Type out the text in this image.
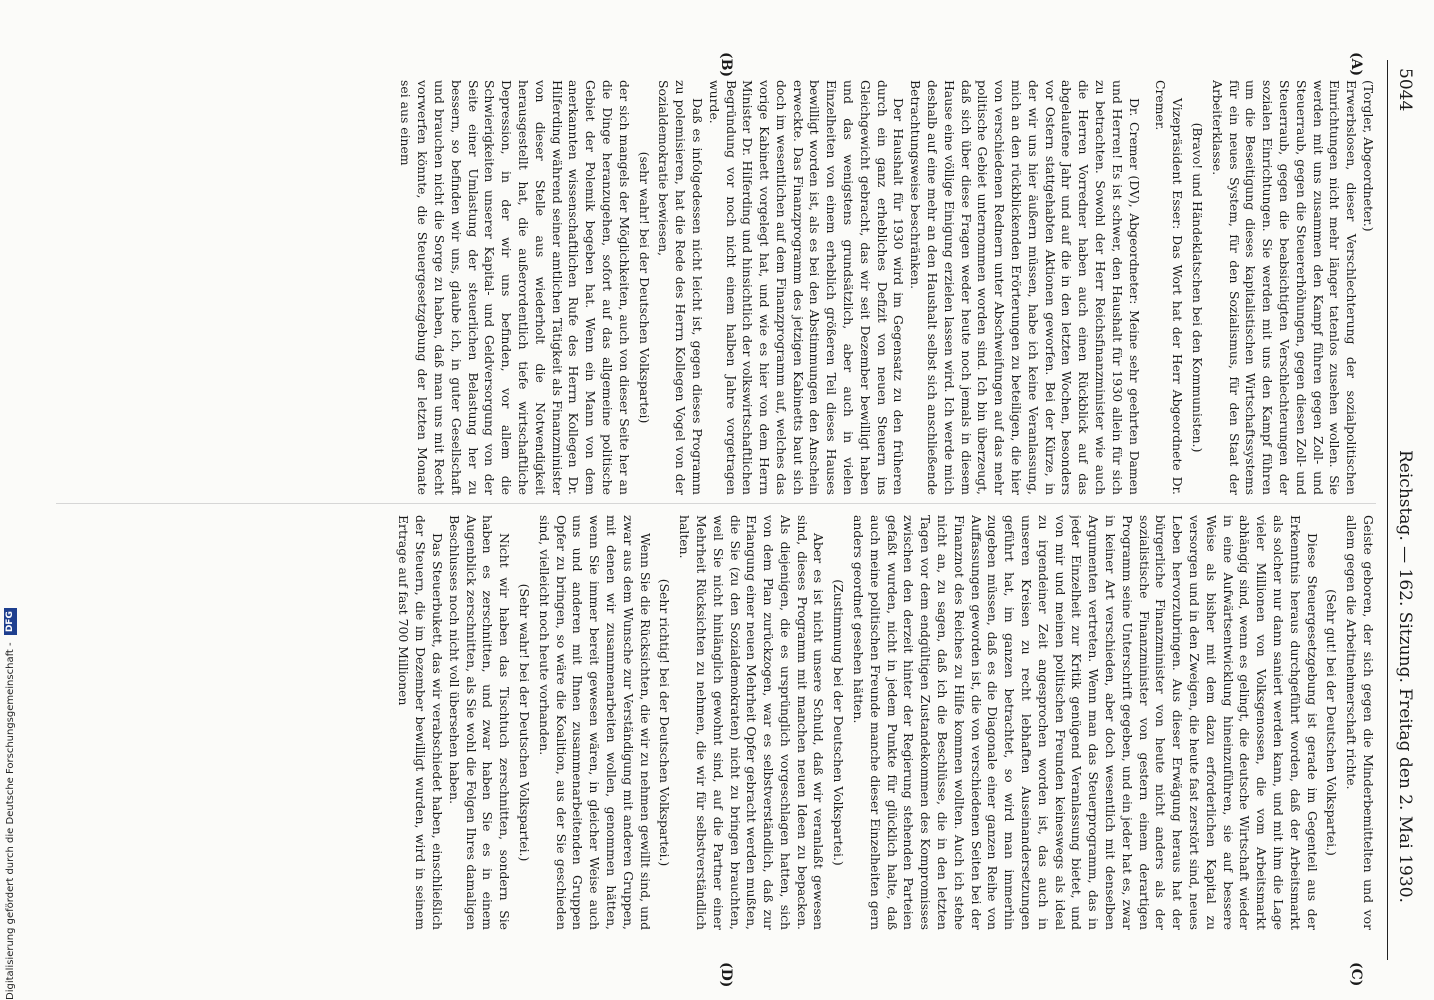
5044
Reichstag. — 162. Sitzung. Freitag den 2. Mai 1930.
(A)
(B)
(C)
(D)

(Torgler, Abgeordneter.)

Erwerbslosen, dieser Verschlechterung der sozialpolitischen Einrichtungen nicht mehr länger tatenlos zusehen wollen. Sie werden mit uns zusammen den Kampf führen gegen Zoll- und Steuerraub, gegen die Steuererhöhungen, gegen diesen Zoll- und Steuerraub, gegen die beabsichtigten Verschlechterungen der sozialen Einrichtungen. Sie werden mit uns den Kampf führen um die Beseitigung dieses kapitalistischen Wirtschaftssystems für ein neues System, für den Sozialismus, für den Staat der Arbeiterklasse.

(Bravo! und Händeklatschen bei den Kommunisten.)

Vizepräsident Esser: Das Wort hat der Herr Abgeordnete Dr. Cremer.

Dr. Cremer (DV), Abgeordneter: Meine sehr geehrten Damen und Herren! Es ist schwer, den Haushalt für 1930 allein für sich zu betrachten. Sowohl der Herr Reichsfinanzminister wie auch die Herren Vorredner haben auch einen Rückblick auf das abgelaufene Jahr und auf die in den letzten Wochen, besonders vor Ostern stattgehabten Aktionen geworfen. Bei der Kürze, in der wir uns hier äußern müssen, habe ich keine Veranlassung, mich an den rückblickenden Erörterungen zu beteiligen, die hier von verschiedenen Rednern unter Abschweifungen auf das mehr politische Gebiet unternommen worden sind. Ich bin überzeugt, daß sich über diese Fragen weder heute noch jemals in diesem Hause eine völlige Einigung erzielen lassen wird. Ich werde mich deshalb auf eine mehr an den Haushalt selbst sich anschließende Betrachtungsweise beschränken.

Der Haushalt für 1930 wird im Gegensatz zu den früheren durch ein ganz erhebliches Defizit von neuen Steuern ins Gleichgewicht gebracht, das wir seit Dezember bewilligt haben und das wenigstens grundsätzlich, aber auch in vielen Einzelheiten von einem erheblich größeren Teil dieses Hauses bewilligt worden ist, als es bei den Abstimmungen den Anschein erweckte. Das Finanzprogramm des jetzigen Kabinetts baut sich doch im wesentlichen auf dem Finanzprogramm auf, welches das vorige Kabinett vorgelegt hat, und wie es hier von dem Herrn Minister Dr. Hilferding und hinsichtlich der volkswirtschaftlichen Begründung vor noch nicht einem halben Jahre vorgetragen wurde.

Daß es infolgedessen nicht leicht ist, gegen dieses Programm zu polemisieren, hat die Rede des Herrn Kollegen Vogel von der Sozialdemokratie bewiesen,

(sehr wahr! bei der Deutschen Volkspartei)

der sich mangels der Möglichkeiten, auch von dieser Seite her an die Dinge heranzugehen, sofort auf das allgemeine politische Gebiet der Polemik begeben hat. Wenn ein Mann von dem anerkannten wissenschaftlichen Rufe des Herrn Kollegen Dr. Hilferding während seiner amtlichen Tätigkeit als Finanzminister von dieser Stelle aus wiederholt die Notwendigkeit herausgestellt hat, die außerordentlich tiefe wirtschaftliche Depression, in der wir uns befinden, vor allem die Schwierigkeiten unserer Kapital- und Geldversorgung von der Seite einer Umlastung der steuerlichen Belastung her zu bessern, so befinden wir uns, glaube ich, in guter Gesellschaft und brauchen nicht die Sorge zu haben, daß man uns mit Recht vorwerfen könnte, die Steuergesetzgebung der letzten Monate sei aus einem

Geiste geboren, der sich gegen die Minderbemittelten und vor allem gegen die Arbeitnehmerschaft richte.

(Sehr gut! bei der Deutschen Volkspartei.)

Diese Steuergesetzgebung ist gerade im Gegenteil aus der Erkenntnis heraus durchgeführt worden, daß der Arbeitsmarkt als solcher nur dann saniert werden kann, und mit ihm die Lage vieler Millionen von Volksgenossen, die vom Arbeitsmarkt abhängig sind, wenn es gelingt, die deutsche Wirtschaft wieder in eine Aufwärtsentwicklung hineinzuführen, sie auf bessere Weise als bisher mit dem dazu erforderlichen Kapital zu versorgen und in den Zweigen, die heute fast zerstört sind, neues Leben hervorzubringen. Aus dieser Erwägung heraus hat der bürgerliche Finanzminister von heute nicht anders als der sozialistische Finanzminister von gestern einem derartigen Programm seine Unterschrift gegeben, und ein jeder hat es, zwar in keiner Art verschieden, aber doch wesentlich mit denselben Argumenten vertreten. Wenn man das Steuerprogramm, das in jeder Einzelheit zur Kritik genügend Veranlassung bietet, und von mir und meinen politischen Freunden keineswegs als ideal zu irgendeiner Zeit angesprochen worden ist, das auch in unseren Kreisen zu recht lebhaften Auseinandersetzungen geführt hat, im ganzen betrachtet, so wird man immerhin zugeben müssen, daß es die Diagonale einer ganzen Reihe von Auffassungen geworden ist, die von verschiedenen Seiten bei der Finanznot des Reiches zu Hilfe kommen wollten. Auch ich stehe nicht an, zu sagen, daß ich die Beschlüsse, die in den letzten Tagen vor dem endgültigen Zustandekommen des Kompromisses zwischen den derzeit hinter der Regierung stehenden Parteien gefaßt wurden, nicht in jedem Punkte für glücklich halte, daß auch meine politischen Freunde manche dieser Einzelheiten gern anders geordnet gesehen hätten.

(Zustimmung bei der Deutschen Volkspartei.)

Aber es ist nicht unsere Schuld, daß wir veranlaßt gewesen sind, dieses Programm mit manchen neuen Ideen zu bepacken. Als diejenigen, die es ursprünglich vorgeschlagen hatten, sich von dem Plan zurückzogen, war es selbstverständlich, daß zur Erlangung einer neuen Mehrheit Opfer gebracht werden mußten, die Sie (zu den Sozialdemokraten) nicht zu bringen brauchten, weil Sie nicht hinlänglich gewohnt sind, auf die Partner einer Mehrheit Rücksichten zu nehmen, die wir für selbstverständlich halten.

(Sehr richtig! bei der Deutschen Volkspartei.)

Wenn Sie die Rücksichten, die wir zu nehmen gewillt sind, und zwar aus dem Wunsche zur Verständigung mit anderen Gruppen, mit denen wir zusammenarbeiten wollen, genommen hätten, wenn Sie immer bereit gewesen wären, in gleicher Weise auch uns und anderen mit Ihnen zusammenarbeitenden Gruppen Opfer zu bringen, so wäre die Koalition, aus der Sie geschieden sind, vielleicht noch heute vorhanden.

(Sehr wahr! bei der Deutschen Volkspartei.)

Nicht wir haben das Tischtuch zerschnitten, sondern Sie haben es zerschnitten, und zwar haben Sie es in einem Augenblick zerschnitten, als Sie wohl die Folgen Ihres damaligen Beschlusses noch nicht voll übersehen haben.

Das Steuerbukett, das wir verabschiedet haben, einschließlich der Steuern, die im Dezember bewilligt wurden, wird in seinem Ertrage auf fast 700 Millionen

Digitalisierung gefördert durch die Deutsche Forschungsgemeinschaft - DFG
